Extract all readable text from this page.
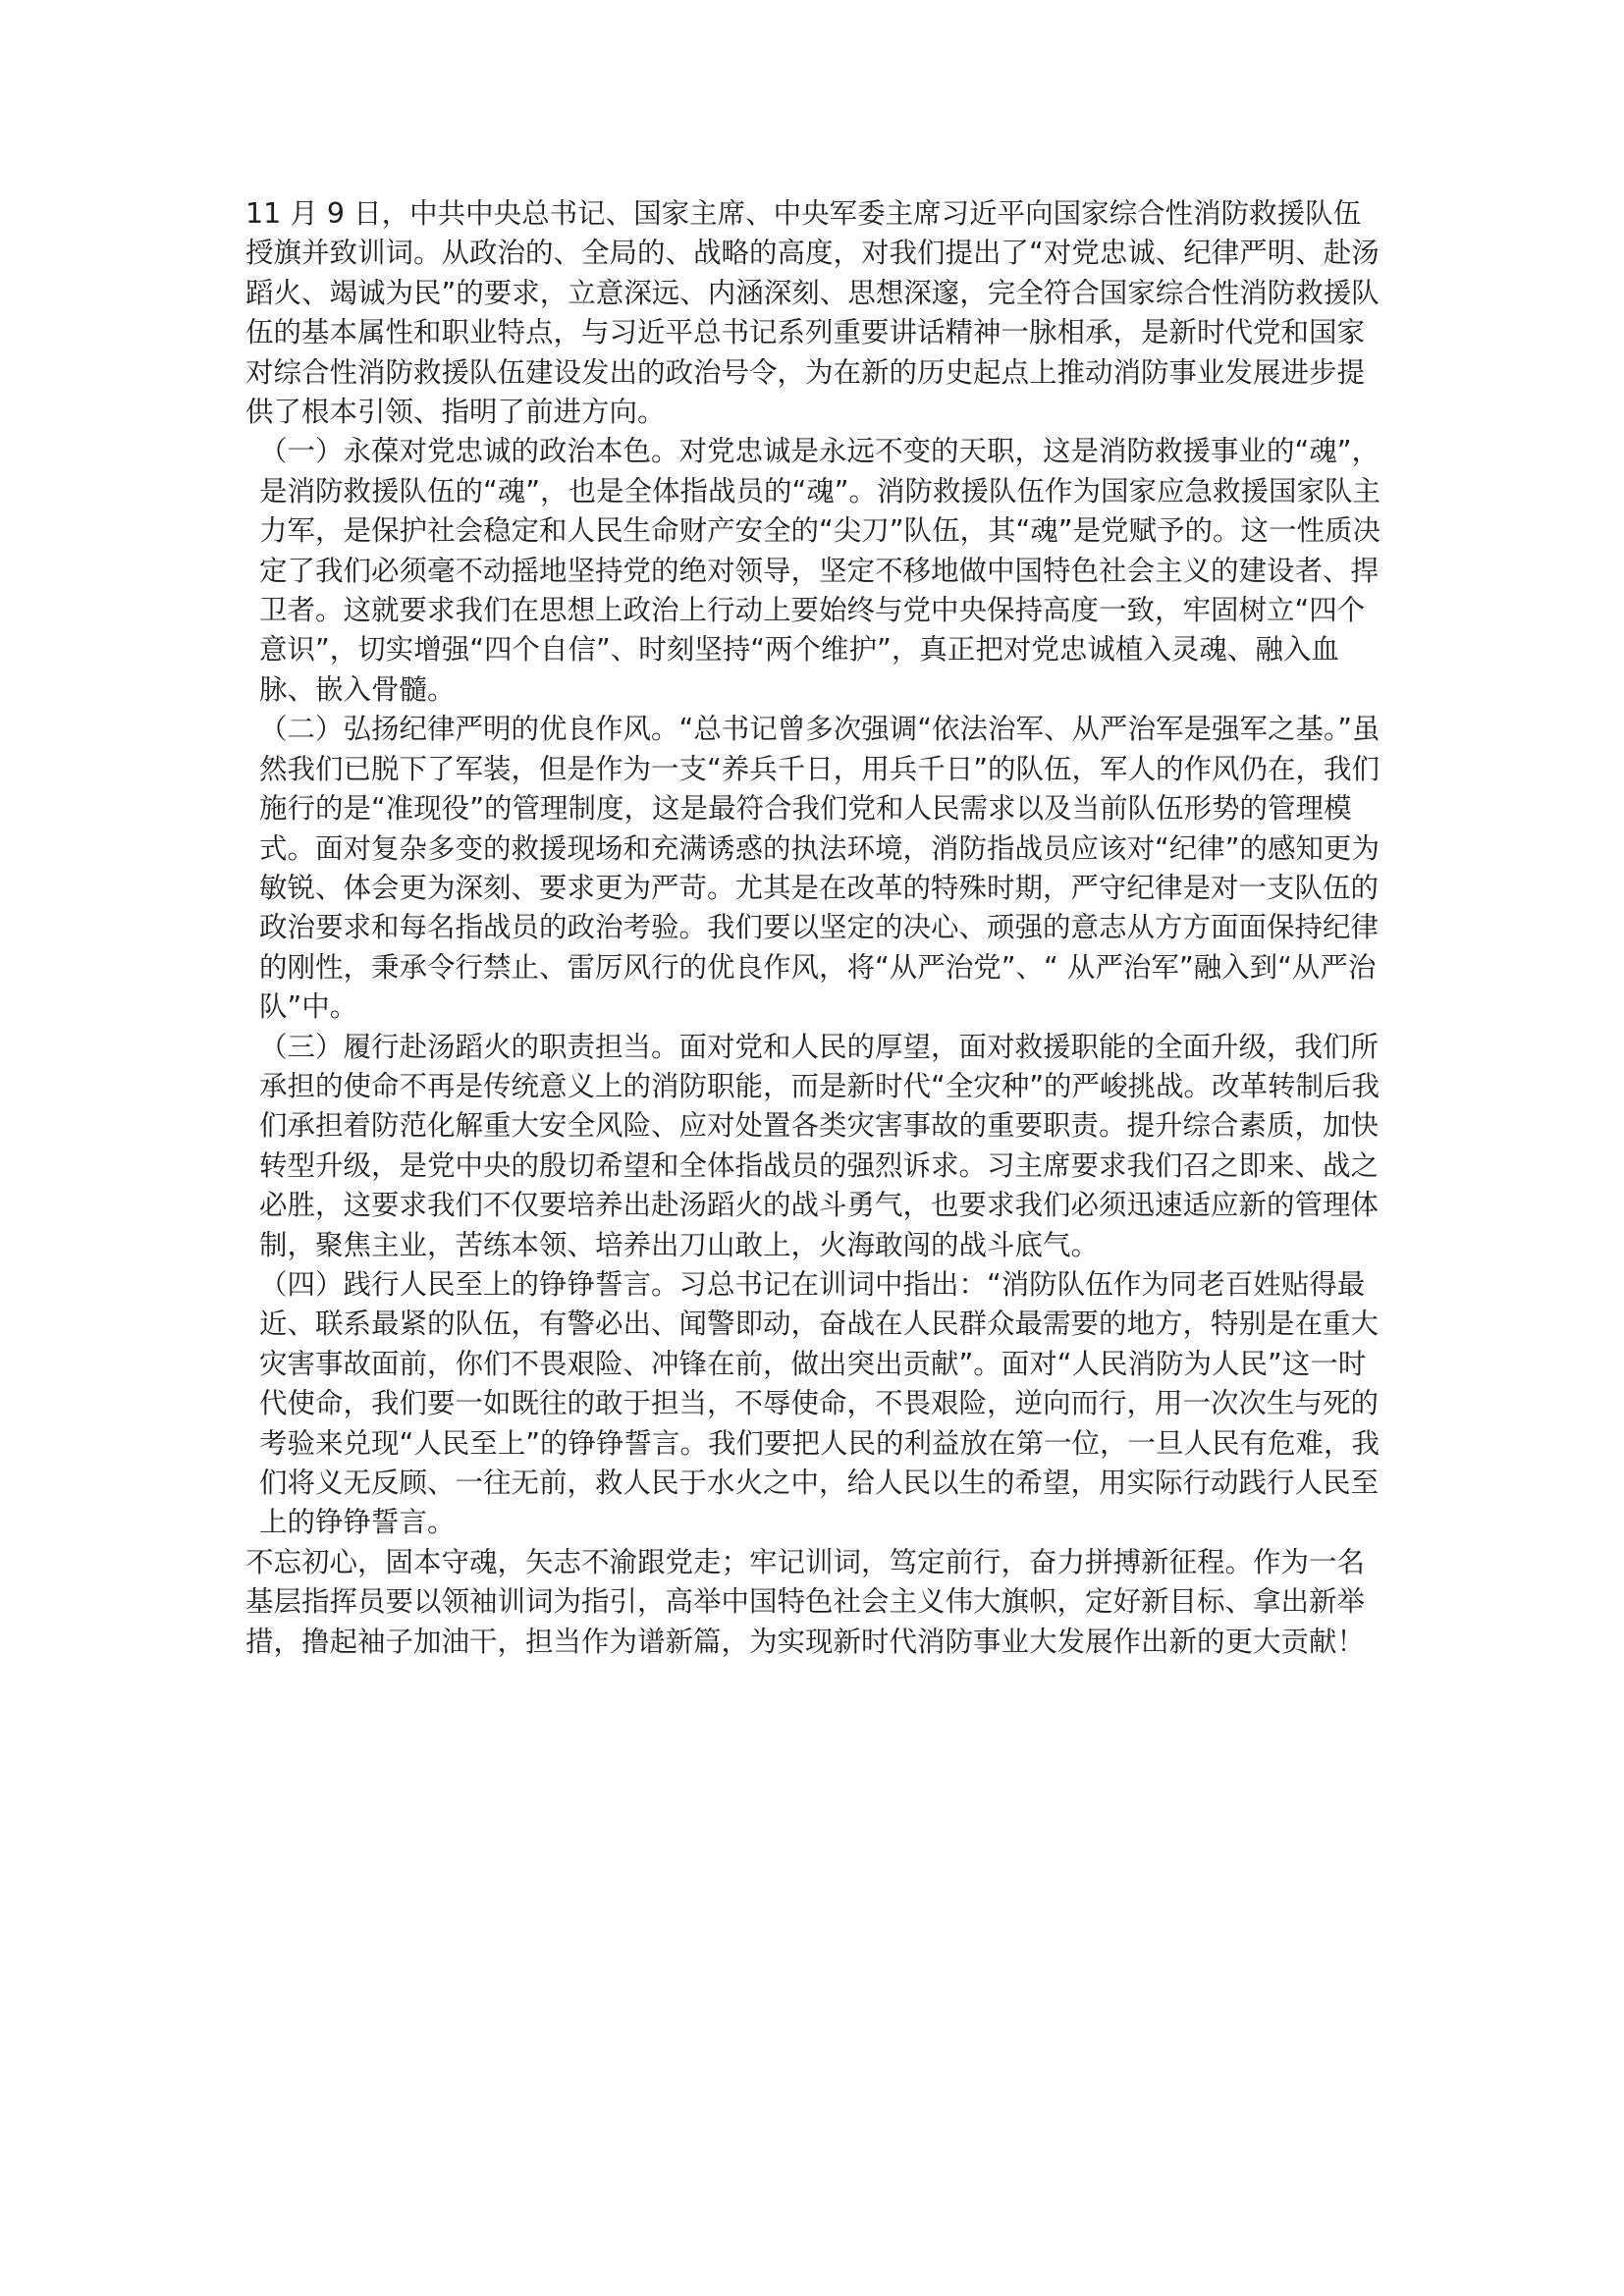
11 月 9 日，中共中央总书记、国家主席、中央军委主席习近平向国家综合性消防救援队伍授旗并致训词。从政治的、全局的、战略的高度，对我们提出了“对党忠诚、纪律严明、赴汤蹈火、竭诚为民”的要求，立意深远、内涵深刻、思想深邃，完全符合国家综合性消防救援队伍的基本属性和职业特点，与习近平总书记系列重要讲话精神一脉相承，是新时代党和国家对综合性消防救援队伍建设发出的政治号令，为在新的历史起点上推动消防事业发展进步提供了根本引领、指明了前进方向。

（一）永葆对党忠诚的政治本色。对党忠诚是永远不变的天职，这是消防救援事业的“魂”，是消防救援队伍的“魂”，也是全体指战员的“魂”。消防救援队伍作为国家应急救援国家队主力军，是保护社会稳定和人民生命财产安全的“尖刀”队伍，其“魂”是党赋予的。这一性质决定了我们必须毫不动摇地坚持党的绝对领导，坚定不移地做中国特色社会主义的建设者、捍卫者。这就要求我们在思想上政治上行动上要始终与党中央保持高度一致，牢固树立“四个意识”，切实增强“四个自信”、时刻坚持“两个维护”，真正把对党忠诚植入灵魂、融入血脉、嵌入骨髓。

（二）弘扬纪律严明的优良作风。“总书记曾多次强调“依法治军、从严治军是强军之基。”虽然我们已脱下了军装，但是作为一支“养兵千日，用兵千日”的队伍，军人的作风仍在，我们施行的是“准现役”的管理制度，这是最符合我们党和人民需求以及当前队伍形势的管理模式。面对复杂多变的救援现场和充满诱惑的执法环境，消防指战员应该对“纪律”的感知更为敏锐、体会更为深刻、要求更为严苛。尤其是在改革的特殊时期，严守纪律是对一支队伍的政治要求和每名指战员的政治考验。我们要以坚定的决心、顽强的意志从方方面面保持纪律的刚性，秉承令行禁止、雷厉风行的优良作风，将“从严治党”、“ 从严治军”融入到“从严治队”中。

（三）履行赴汤蹈火的职责担当。面对党和人民的厚望，面对救援职能的全面升级，我们所承担的使命不再是传统意义上的消防职能，而是新时代“全灾种”的严峻挑战。改革转制后我们承担着防范化解重大安全风险、应对处置各类灾害事故的重要职责。提升综合素质，加快转型升级，是党中央的殷切希望和全体指战员的强烈诉求。习主席要求我们召之即来、战之必胜，这要求我们不仅要培养出赴汤蹈火的战斗勇气，也要求我们必须迅速适应新的管理体制，聚焦主业，苦练本领、培养出刀山敢上，火海敢闯的战斗底气。

（四）践行人民至上的铮铮誓言。习总书记在训词中指出：“消防队伍作为同老百姓贴得最近、联系最紧的队伍，有警必出、闻警即动，奋战在人民群众最需要的地方，特别是在重大灾害事故面前，你们不畏艰险、冲锋在前，做出突出贡献”。面对“人民消防为人民”这一时代使命，我们要一如既往的敢于担当，不辱使命，不畏艰险，逆向而行，用一次次生与死的考验来兑现“人民至上”的铮铮誓言。我们要把人民的利益放在第一位，一旦人民有危难，我们将义无反顾、一往无前，救人民于水火之中，给人民以生的希望，用实际行动践行人民至上的铮铮誓言。

不忘初心，固本守魂，矢志不渝跟党走；牢记训词，笃定前行，奋力拼搏新征程。作为一名基层指挥员要以领袖训词为指引，高举中国特色社会主义伟大旗帜，定好新目标、拿出新举措，撸起袖子加油干，担当作为谱新篇，为实现新时代消防事业大发展作出新的更大贡献！
